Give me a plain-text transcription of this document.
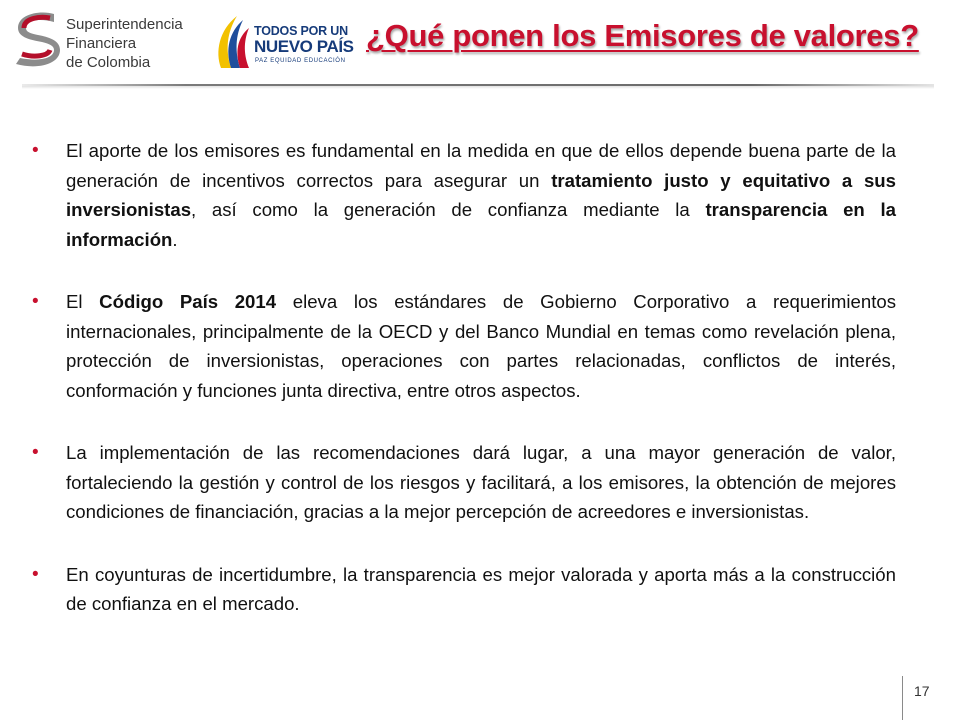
Superintendencia
Financiera
de Colombia
TODOS POR UN
NUEVO PAÍS
PAZ EQUIDAD EDUCACIÓN
¿Qué ponen los Emisores de valores?
• El aporte de los emisores es fundamental en la medida en que de ellos depende buena parte de la generación de incentivos correctos para asegurar un tratamiento justo y equitativo a sus inversionistas, así como la generación de confianza mediante la transparencia en la información.
• El Código País 2014 eleva los estándares de Gobierno Corporativo a requerimientos internacionales, principalmente de la OECD y del Banco Mundial en temas como revelación plena, protección de inversionistas, operaciones con partes relacionadas, conflictos de interés, conformación y funciones junta directiva, entre otros aspectos.
• La implementación de las recomendaciones dará lugar, a una mayor generación de valor, fortaleciendo la gestión y control de los riesgos y facilitará, a los emisores, la obtención de mejores condiciones de financiación, gracias a la mejor percepción de acreedores e inversionistas.
• En coyunturas de incertidumbre, la transparencia es mejor valorada y aporta más a la construcción de confianza en el mercado.
17
